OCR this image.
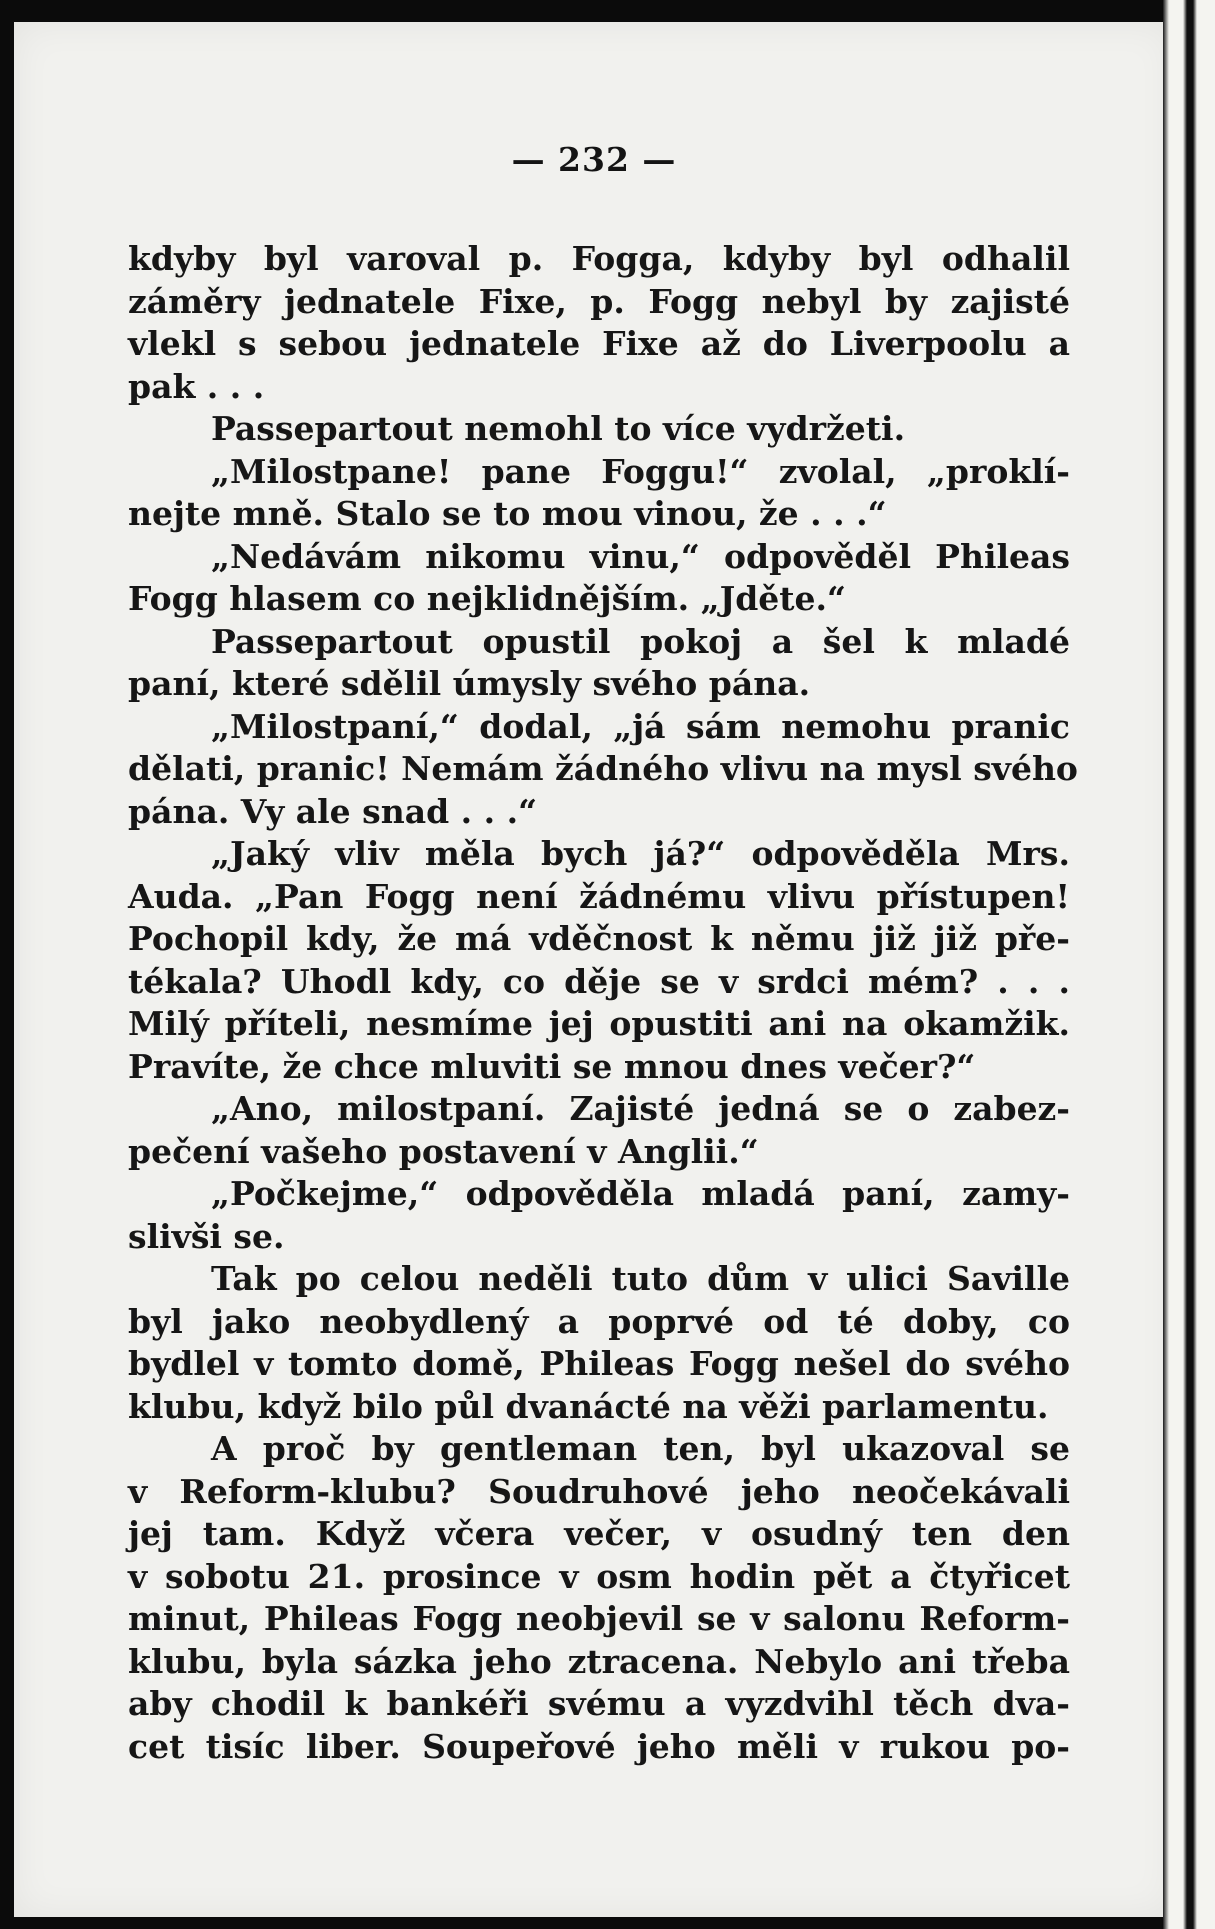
— 232 —
kdyby byl varoval p. Fogga, kdyby byl odhalil
záměry jednatele Fixe, p. Fogg nebyl by zajisté
vlekl s sebou jednatele Fixe až do Liverpoolu a
pak . . .
Passepartout nemohl to více vydržeti.
„Milostpane! pane Foggu!“ zvolal, „proklí-
nejte mně. Stalo se to mou vinou, že . . .“
„Nedávám nikomu vinu,“ odpověděl Phileas
Fogg hlasem co nejklidnějším. „Jděte.“
Passepartout opustil pokoj a šel k mladé
paní, které sdělil úmysly svého pána.
„Milostpaní,“ dodal, „já sám nemohu pranic
dělati, pranic! Nemám žádného vlivu na mysl svého
pána. Vy ale snad . . .“
„Jaký vliv měla bych já?“ odpověděla Mrs.
Auda. „Pan Fogg není žádnému vlivu přístupen!
Pochopil kdy, že má vděčnost k němu již již pře-
tékala? Uhodl kdy, co děje se v srdci mém? . . .
Milý příteli, nesmíme jej opustiti ani na okamžik.
Pravíte, že chce mluviti se mnou dnes večer?“
„Ano, milostpaní. Zajisté jedná se o zabez-
pečení vašeho postavení v Anglii.“
„Počkejme,“ odpověděla mladá paní, zamy-
slivši se.
Tak po celou neděli tuto dům v ulici Saville
byl jako neobydlený a poprvé od té doby, co
bydlel v tomto domě, Phileas Fogg nešel do svého
klubu, když bilo půl dvanácté na věži parlamentu.
A proč by gentleman ten, byl ukazoval se
v Reform-klubu? Soudruhové jeho neočekávali
jej tam. Když včera večer, v osudný ten den
v sobotu 21. prosince v osm hodin pět a čtyřicet
minut, Phileas Fogg neobjevil se v salonu Reform-
klubu, byla sázka jeho ztracena. Nebylo ani třeba
aby chodil k bankéři svému a vyzdvihl těch dva-
cet tisíc liber. Soupeřové jeho měli v rukou po-
